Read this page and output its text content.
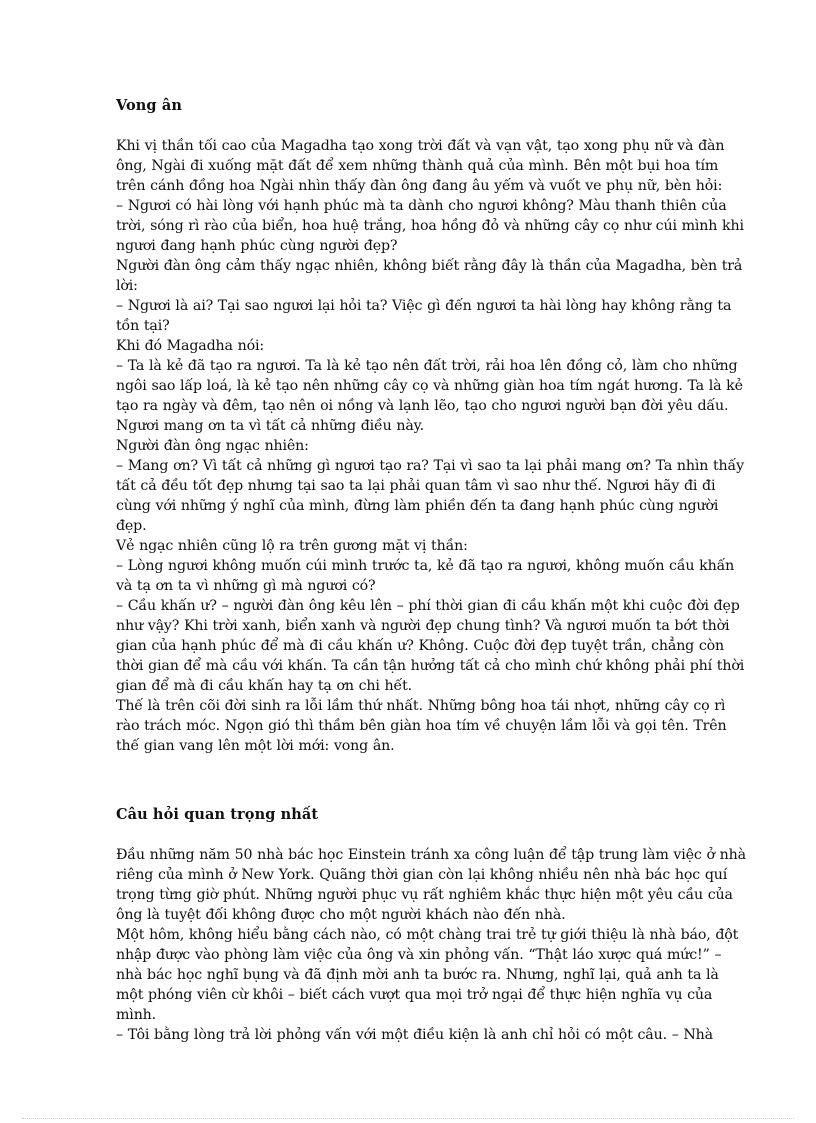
Vong ân

Khi vị thần tối cao của Magadha tạo xong trời đất và vạn vật, tạo xong phụ nữ và đàn ông, Ngài đi xuống mặt đất để xem những thành quả của mình. Bên một bụi hoa tím trên cánh đồng hoa Ngài nhìn thấy đàn ông đang âu yếm và vuốt ve phụ nữ, bèn hỏi:

– Ngươi có hài lòng với hạnh phúc mà ta dành cho ngươi không? Màu thanh thiên của trời, sóng rì rào của biển, hoa huệ trắng, hoa hồng đỏ và những cây cọ như cúi mình khi ngươi đang hạnh phúc cùng người đẹp?

Người đàn ông cảm thấy ngạc nhiên, không biết rằng đây là thần của Magadha, bèn trả lời:

– Ngươi là ai? Tại sao ngươi lại hỏi ta? Việc gì đến ngươi ta hài lòng hay không rằng ta tồn tại?

Khi đó Magadha nói:

– Ta là kẻ đã tạo ra ngươi. Ta là kẻ tạo nên đất trời, rải hoa lên đồng cỏ, làm cho những ngôi sao lấp loá, là kẻ tạo nên những cây cọ và những giàn hoa tím ngát hương. Ta là kẻ tạo ra ngày và đêm, tạo nên oi nồng và lạnh lẽo, tạo cho ngươi người bạn đời yêu dấu. Ngươi mang ơn ta vì tất cả những điều này.

Người đàn ông ngạc nhiên:

– Mang ơn? Vì tất cả những gì ngươi tạo ra? Tại vì sao ta lại phải mang ơn? Ta nhìn thấy tất cả đều tốt đẹp nhưng tại sao ta lại phải quan tâm vì sao như thế. Ngươi hãy đi đi cùng với những ý nghĩ của mình, đừng làm phiền đến ta đang hạnh phúc cùng người đẹp.

Vẻ ngạc nhiên cũng lộ ra trên gương mặt vị thần:

– Lòng ngươi không muốn cúi mình trước ta, kẻ đã tạo ra ngươi, không muốn cầu khấn và tạ ơn ta vì những gì mà ngươi có?

– Cầu khấn ư? – người đàn ông kêu lên – phí thời gian đi cầu khấn một khi cuộc đời đẹp như vậy? Khi trời xanh, biển xanh và người đẹp chung tình? Và ngươi muốn ta bớt thời gian của hạnh phúc để mà đi cầu khấn ư? Không. Cuộc đời đẹp tuyệt trần, chẳng còn thời gian để mà cầu với khấn. Ta cần tận hưởng tất cả cho mình chứ không phải phí thời gian để mà đi cầu khấn hay tạ ơn chi hết.

Thế là trên cõi đời sinh ra lỗi lầm thứ nhất. Những bông hoa tái nhợt, những cây cọ rì rào trách móc. Ngọn gió thì thầm bên giàn hoa tím về chuyện lầm lỗi và gọi tên. Trên thế gian vang lên một lời mới: vong ân.

Câu hỏi quan trọng nhất

Đầu những năm 50 nhà bác học Einstein tránh xa công luận để tập trung làm việc ở nhà riêng của mình ở New York. Quãng thời gian còn lại không nhiều nên nhà bác học quí trọng từng giờ phút. Những người phục vụ rất nghiêm khắc thực hiện một yêu cầu của ông là tuyệt đối không được cho một người khách nào đến nhà.

Một hôm, không hiểu bằng cách nào, có một chàng trai trẻ tự giới thiệu là nhà báo, đột nhập được vào phòng làm việc của ông và xin phỏng vấn. “Thật láo xược quá mức!” – nhà bác học nghĩ bụng và đã định mời anh ta bước ra. Nhưng, nghĩ lại, quả anh ta là một phóng viên cừ khôi – biết cách vượt qua mọi trở ngại để thực hiện nghĩa vụ của mình.

– Tôi bằng lòng trả lời phỏng vấn với một điều kiện là anh chỉ hỏi có một câu. – Nhà
